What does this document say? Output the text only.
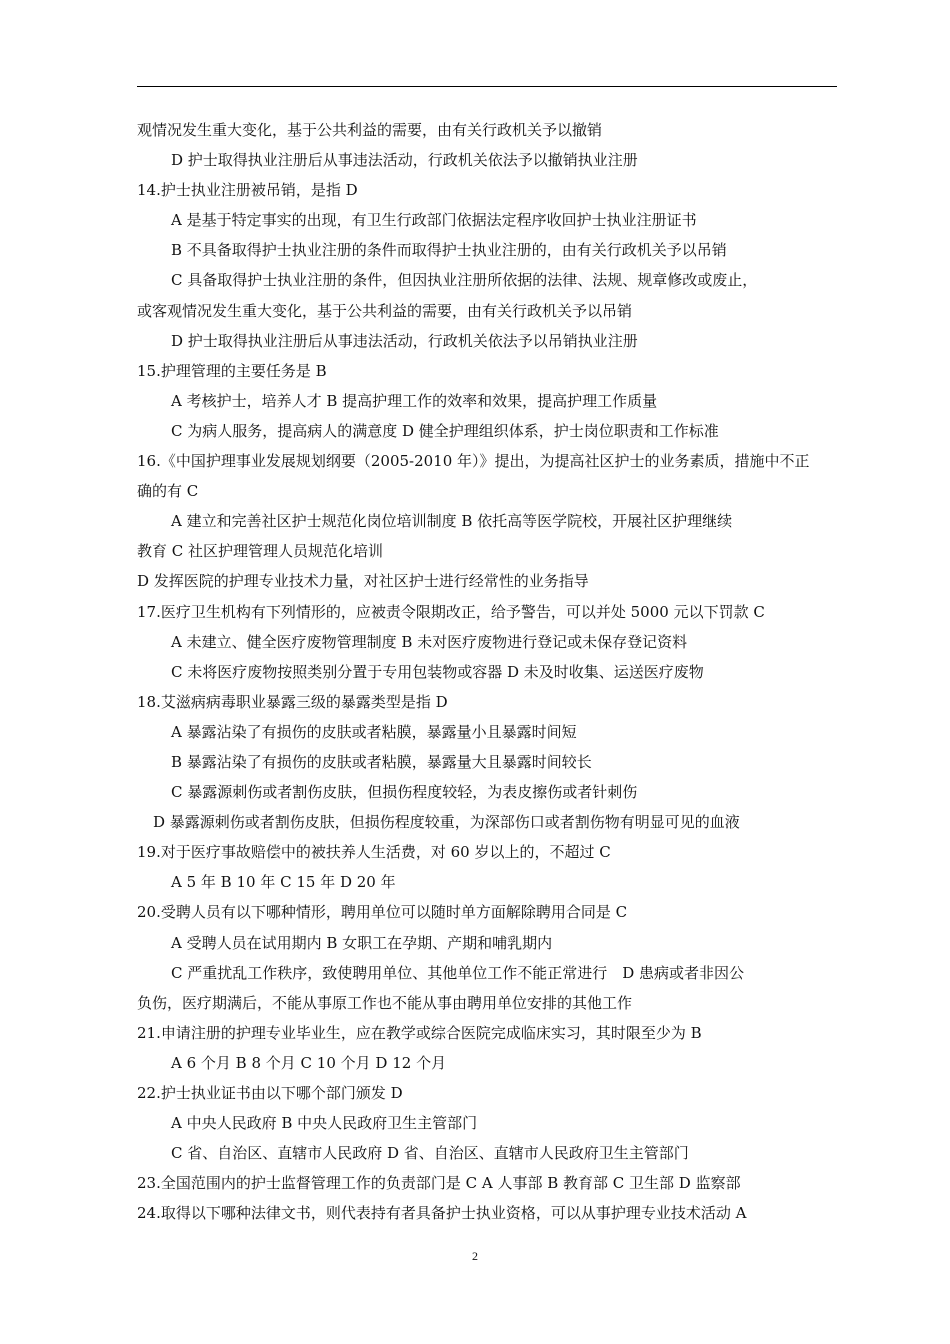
观情况发生重大变化，基于公共利益的需要，由有关行政机关予以撤销
D 护士取得执业注册后从事违法活动，行政机关依法予以撤销执业注册
14.护士执业注册被吊销，是指 D
A 是基于特定事实的出现，有卫生行政部门依据法定程序收回护士执业注册证书
B 不具备取得护士执业注册的条件而取得护士执业注册的，由有关行政机关予以吊销
C 具备取得护士执业注册的条件，但因执业注册所依据的法律、法规、规章修改或废止，
或客观情况发生重大变化，基于公共利益的需要，由有关行政机关予以吊销
D 护士取得执业注册后从事违法活动，行政机关依法予以吊销执业注册
15.护理管理的主要任务是 B
A 考核护士，培养人才 B 提高护理工作的效率和效果，提高护理工作质量
C 为病人服务，提高病人的满意度 D 健全护理组织体系，护士岗位职责和工作标准
16.《中国护理事业发展规划纲要（2005-2010 年）》提出，为提高社区护士的业务素质，措施中不正
确的有 C
A 建立和完善社区护士规范化岗位培训制度 B 依托高等医学院校，开展社区护理继续
教育 C 社区护理管理人员规范化培训
D 发挥医院的护理专业技术力量，对社区护士进行经常性的业务指导
17.医疗卫生机构有下列情形的，应被责令限期改正，给予警告，可以并处 5000 元以下罚款 C
A 未建立、健全医疗废物管理制度 B 未对医疗废物进行登记或未保存登记资料
C 未将医疗废物按照类别分置于专用包装物或容器 D 未及时收集、运送医疗废物
18.艾滋病病毒职业暴露三级的暴露类型是指 D
A 暴露沾染了有损伤的皮肤或者粘膜，暴露量小且暴露时间短
B 暴露沾染了有损伤的皮肤或者粘膜，暴露量大且暴露时间较长
C 暴露源刺伤或者割伤皮肤，但损伤程度较轻，为表皮擦伤或者针刺伤
D 暴露源刺伤或者割伤皮肤，但损伤程度较重，为深部伤口或者割伤物有明显可见的血液
19.对于医疗事故赔偿中的被扶养人生活费，对 60 岁以上的，不超过 C
A 5 年 B 10 年 C 15 年 D 20 年
20.受聘人员有以下哪种情形，聘用单位可以随时单方面解除聘用合同是 C
A 受聘人员在试用期内 B 女职工在孕期、产期和哺乳期内
C 严重扰乱工作秩序，致使聘用单位、其他单位工作不能正常进行　D 患病或者非因公
负伤，医疗期满后，不能从事原工作也不能从事由聘用单位安排的其他工作
21.申请注册的护理专业毕业生，应在教学或综合医院完成临床实习，其时限至少为 B
A 6 个月 B 8 个月 C 10 个月 D 12 个月
22.护士执业证书由以下哪个部门颁发 D
A 中央人民政府 B 中央人民政府卫生主管部门
C 省、自治区、直辖市人民政府 D 省、自治区、直辖市人民政府卫生主管部门
23.全国范围内的护士监督管理工作的负责部门是 C A 人事部 B 教育部 C 卫生部 D 监察部
24.取得以下哪种法律文书，则代表持有者具备护士执业资格，可以从事护理专业技术活动 A
2
